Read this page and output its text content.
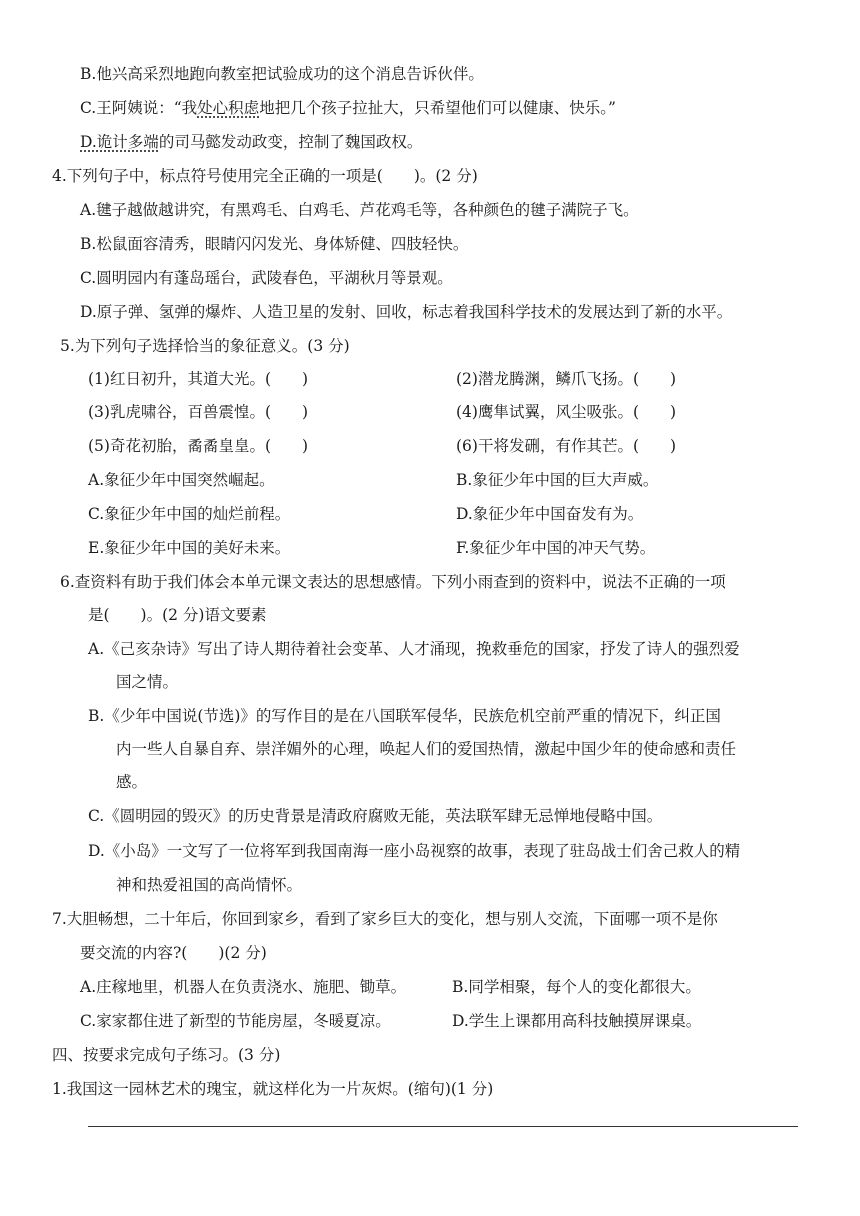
B.他兴高采烈地跑向教室把试验成功的这个消息告诉伙伴。
C.王阿姨说：“我处心积虑地把几个孩子拉扯大，只希望他们可以健康、快乐。”
D.诡计多端的司马懿发动政变，控制了魏国政权。
4.下列句子中，标点符号使用完全正确的一项是(　　)。(2 分)
A.毽子越做越讲究，有黑鸡毛、白鸡毛、芦花鸡毛等，各种颜色的毽子满院子飞。
B.松鼠面容清秀，眼睛闪闪发光、身体矫健、四肢轻快。
C.圆明园内有蓬岛瑶台，武陵春色，平湖秋月等景观。
D.原子弹、氢弹的爆炸、人造卫星的发射、回收，标志着我国科学技术的发展达到了新的水平。
5.为下列句子选择恰当的象征意义。(3 分)
(1)红日初升，其道大光。(　　)	(2)潜龙腾渊，鳞爪飞扬。(　　)
(3)乳虎啸谷，百兽震惶。(　　)	(4)鹰隼试翼，风尘吸张。(　　)
(5)奇花初胎，矞矞皇皇。(　　)	(6)干将发硎，有作其芒。(　　)
A.象征少年中国突然崛起。	B.象征少年中国的巨大声威。
C.象征少年中国的灿烂前程。	D.象征少年中国奋发有为。
E.象征少年中国的美好未来。	F.象征少年中国的冲天气势。
6.查资料有助于我们体会本单元课文表达的思想感情。下列小雨查到的资料中，说法不正确的一项
是(　　)。(2 分)语文要素
A.《己亥杂诗》写出了诗人期待着社会变革、人才涌现，挽救垂危的国家，抒发了诗人的强烈爱
国之情。
B.《少年中国说(节选)》的写作目的是在八国联军侵华，民族危机空前严重的情况下，纠正国
内一些人自暴自弃、崇洋媚外的心理，唤起人们的爱国热情，激起中国少年的使命感和责任
感。
C.《圆明园的毁灭》的历史背景是清政府腐败无能，英法联军肆无忌惮地侵略中国。
D.《小岛》一文写了一位将军到我国南海一座小岛视察的故事，表现了驻岛战士们舍己救人的精
神和热爱祖国的高尚情怀。
7.大胆畅想，二十年后，你回到家乡，看到了家乡巨大的变化，想与别人交流，下面哪一项不是你
要交流的内容?(　　)(2 分)
A.庄稼地里，机器人在负责浇水、施肥、锄草。	B.同学相聚，每个人的变化都很大。
C.家家都住进了新型的节能房屋，冬暖夏凉。	D.学生上课都用高科技触摸屏课桌。
四、按要求完成句子练习。(3 分)
1.我国这一园林艺术的瑰宝，就这样化为一片灰烬。(缩句)(1 分)
